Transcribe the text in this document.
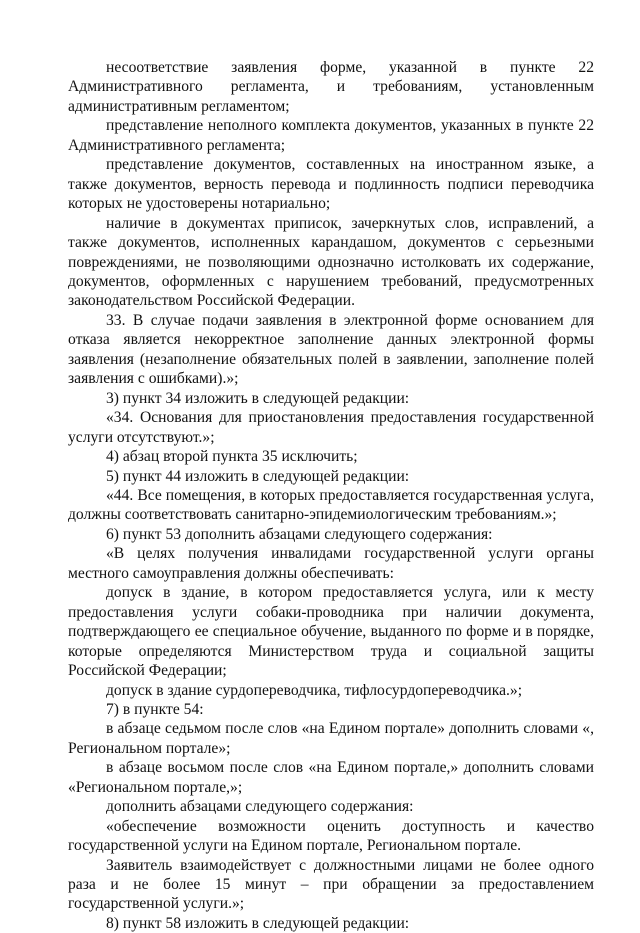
несоответствие заявления форме, указанной в пункте 22 Административного регламента, и требованиям, установленным административным регламентом;

представление неполного комплекта документов, указанных в пункте 22 Административного регламента;

представление документов, составленных на иностранном языке, а также документов, верность перевода и подлинность подписи переводчика которых не удостоверены нотариально;

наличие в документах приписок, зачеркнутых слов, исправлений, а также документов, исполненных карандашом, документов с серьезными повреждениями, не позволяющими однозначно истолковать их содержание, документов, оформленных с нарушением требований, предусмотренных законодательством Российской Федерации.

33. В случае подачи заявления в электронной форме основанием для отказа является некорректное заполнение данных электронной формы заявления (незаполнение обязательных полей в заявлении, заполнение полей заявления с ошибками).»;

3) пункт 34 изложить в следующей редакции:

«34. Основания для приостановления предоставления государственной услуги отсутствуют.»;

4) абзац второй пункта 35 исключить;

5) пункт 44 изложить в следующей редакции:

«44. Все помещения, в которых предоставляется государственная услуга, должны соответствовать санитарно-эпидемиологическим требованиям.»;

6) пункт 53 дополнить абзацами следующего содержания:

«В целях получения инвалидами государственной услуги органы местного самоуправления должны обеспечивать:

допуск в здание, в котором предоставляется услуга, или к месту предоставления услуги собаки-проводника при наличии документа, подтверждающего ее специальное обучение, выданного по форме и в порядке, которые определяются Министерством труда и социальной защиты Российской Федерации;

допуск в здание сурдопереводчика, тифлосурдопереводчика.»;

7) в пункте 54:

в абзаце седьмом после слов «на Едином портале» дополнить словами «, Региональном портале»;

в абзаце восьмом после слов «на Едином портале,» дополнить словами «Региональном портале,»;

дополнить абзацами следующего содержания:

«обеспечение возможности оценить доступность и качество государственной услуги на Едином портале, Региональном портале.

Заявитель взаимодействует с должностными лицами не более одного раза и не более 15 минут – при обращении за предоставлением государственной услуги.»;

8) пункт 58 изложить в следующей редакции:
